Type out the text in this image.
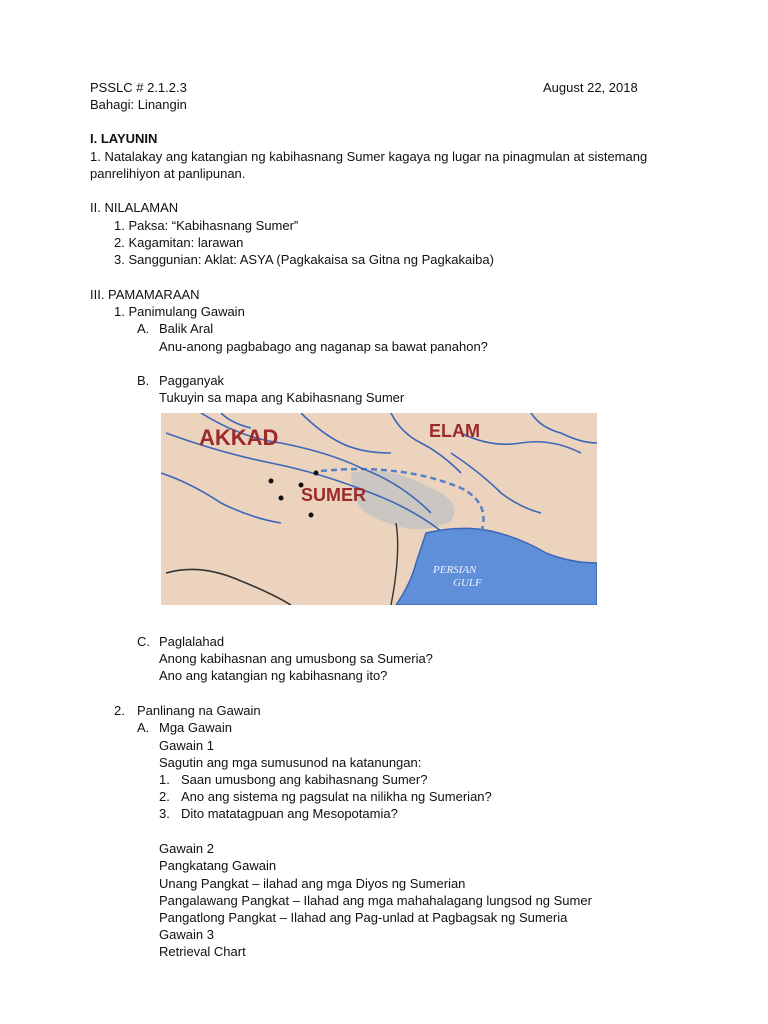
PSSLC # 2.1.2.3	August 22, 2018
Bahagi: Linangin
I. LAYUNIN
1. Natalakay ang katangian ng kabihasnang Sumer kagaya ng lugar na pinagmulan at sistemang
panrelihiyon at panlipunan.
II. NILALAMAN
1. Paksa: “Kabihasnang Sumer”
2. Kagamitan: larawan
3. Sanggunian: Aklat: ASYA (Pagkakaisa sa Gitna ng Pagkakaiba)
III. PAMAMARAAN
1. Panimulang Gawain
A. Balik Aral
Anu-anong pagbabago ang naganap sa bawat panahon?
B. Pagganyak
Tukuyin sa mapa ang Kabihasnang Sumer
AKKAD	ELAM
SUMER
PERSIAN
GULF
C. Paglalahad
Anong kabihasnan ang umusbong sa Sumeria?
Ano ang katangian ng kabihasnang ito?
2. Panlinang na Gawain
A. Mga Gawain
Gawain 1
Sagutin ang mga sumusunod na katanungan:
1. Saan umusbong ang kabihasnang Sumer?
2. Ano ang sistema ng pagsulat na nilikha ng Sumerian?
3. Dito matatagpuan ang Mesopotamia?
Gawain 2
Pangkatang Gawain
Unang Pangkat – ilahad ang mga Diyos ng Sumerian
Pangalawang Pangkat – Ilahad ang mga mahahalagang lungsod ng Sumer
Pangatlong Pangkat – Ilahad ang Pag-unlad at Pagbagsak ng Sumeria
Gawain 3
Retrieval Chart
